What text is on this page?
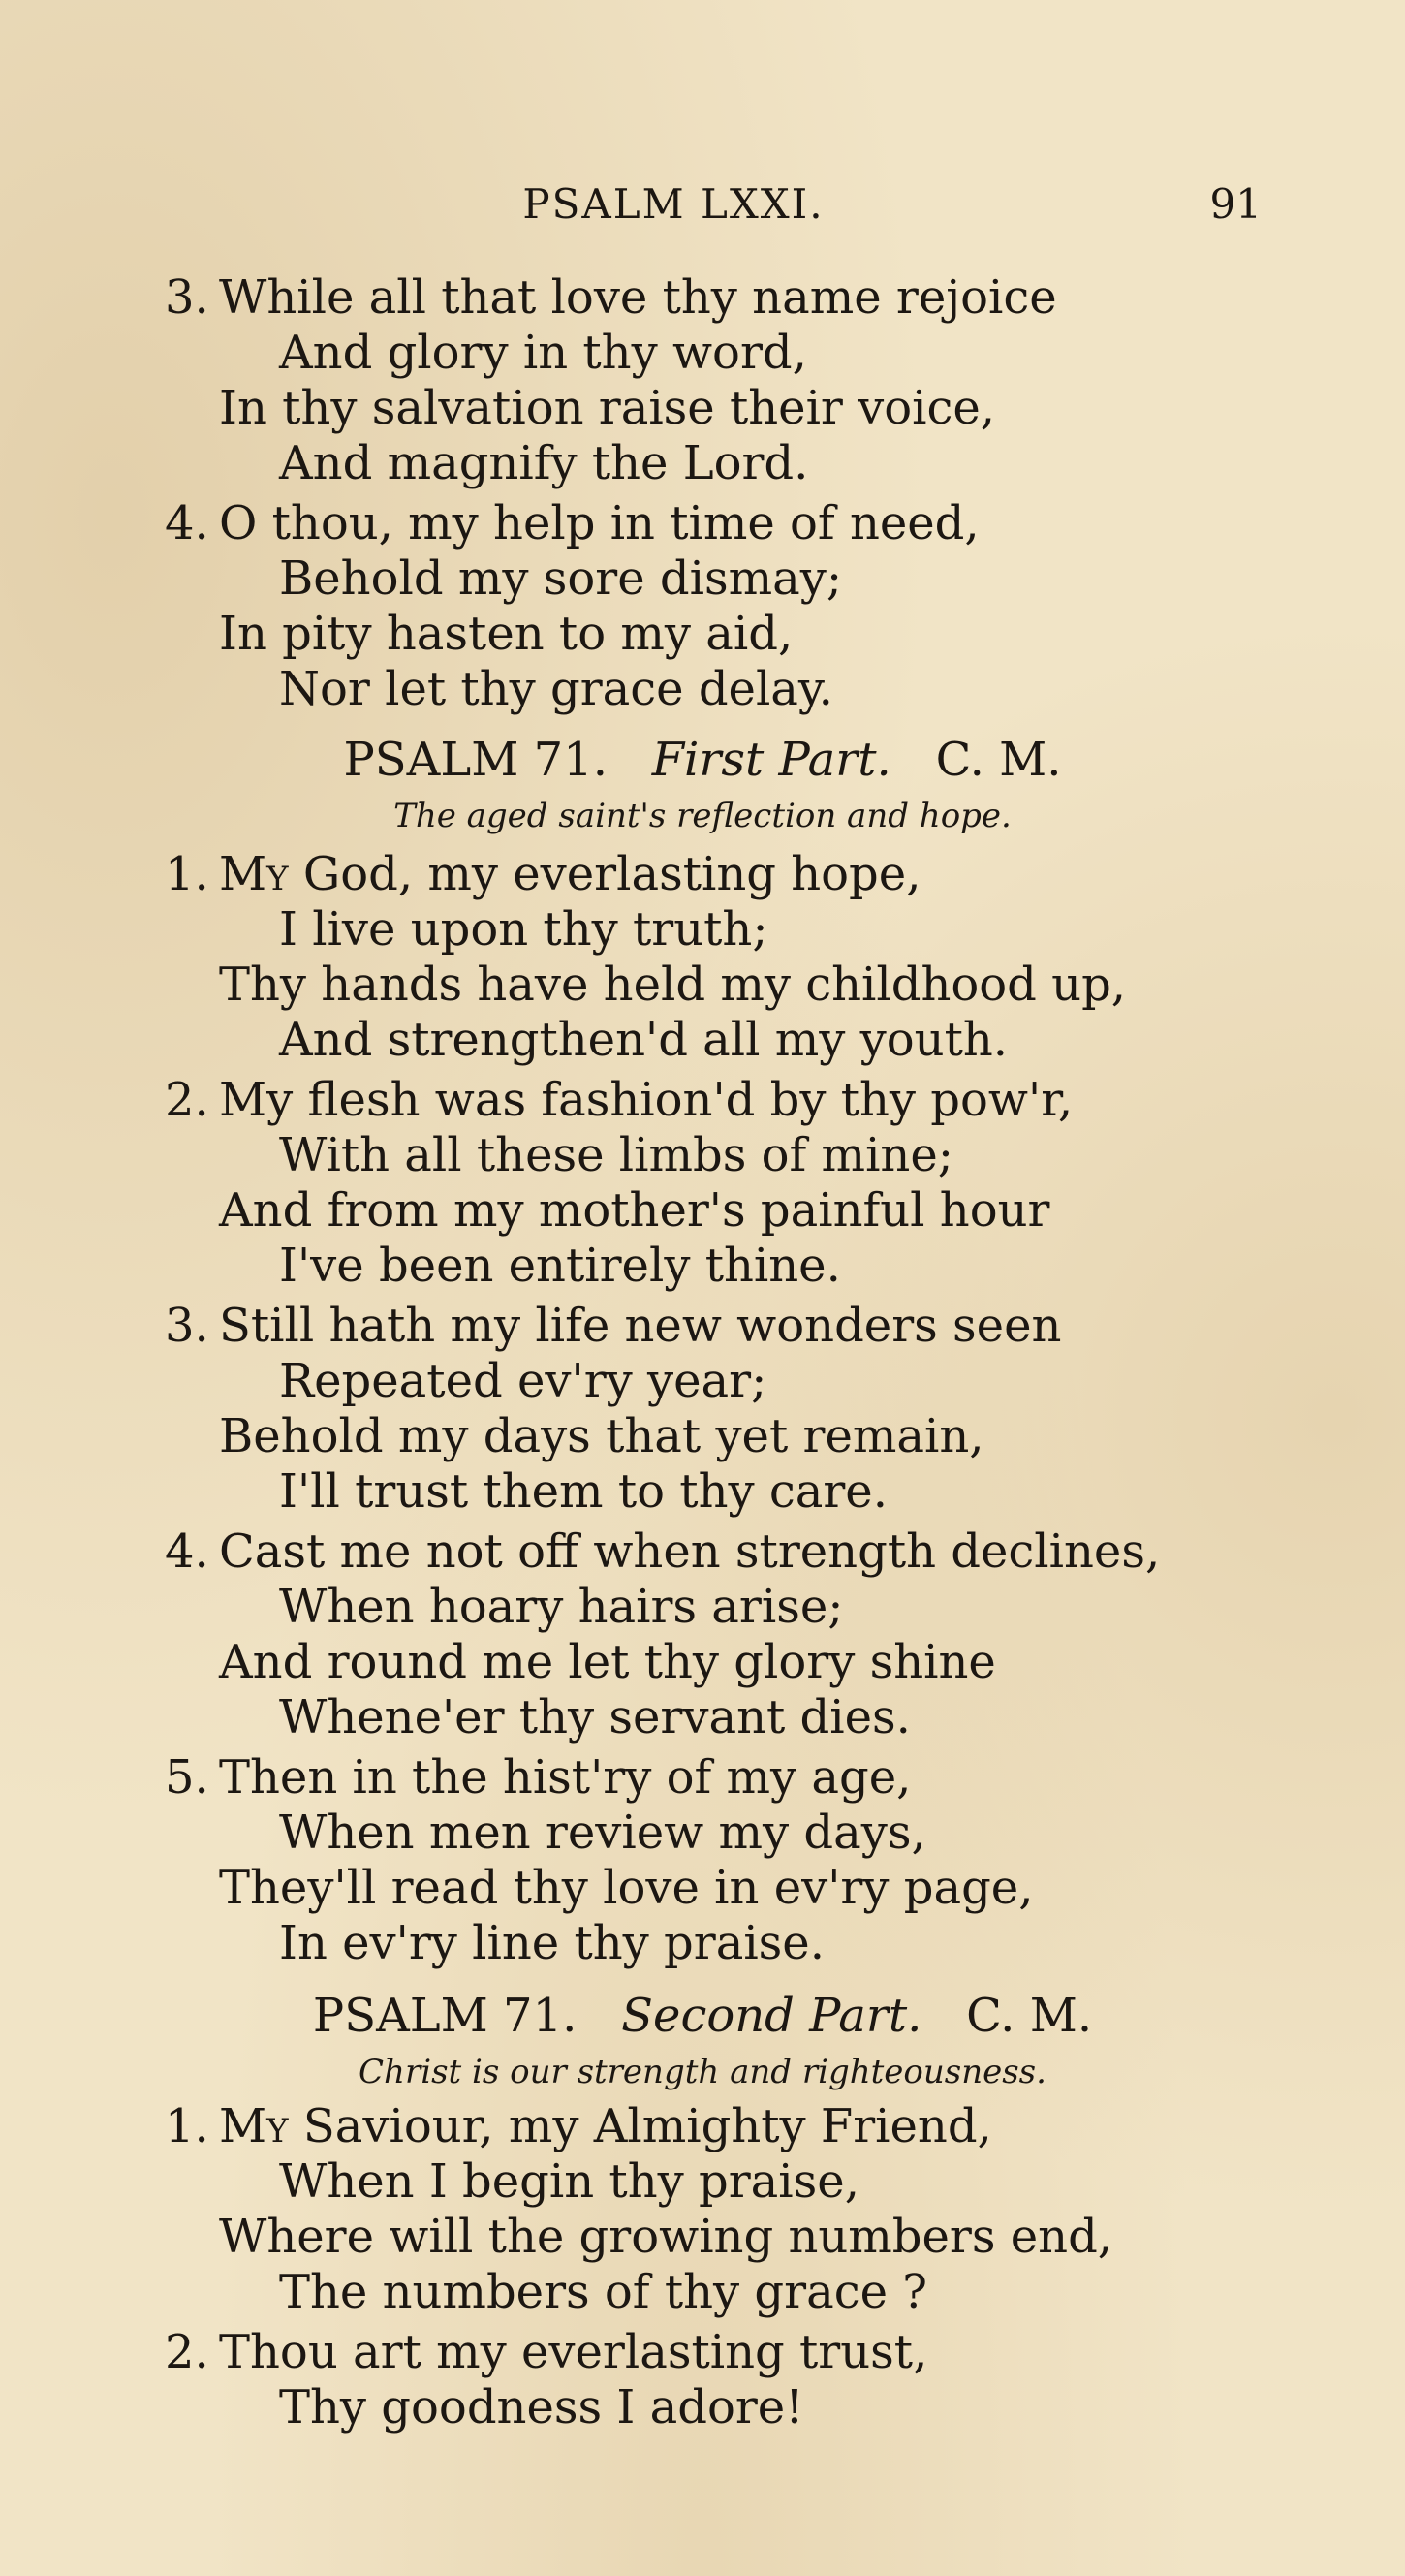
PSALM LXXI.	91
3. While all that love thy name rejoice
And glory in thy word,
In thy salvation raise their voice,
And magnify the Lord.
4. O thou, my help in time of need,
Behold my sore dismay;
In pity hasten to my aid,
Nor let thy grace delay.
PSALM 71. First Part. C. M.
The aged saint's reflection and hope.
1. My God, my everlasting hope,
I live upon thy truth;
Thy hands have held my childhood up,
And strengthen'd all my youth.
2. My flesh was fashion'd by thy pow'r,
With all these limbs of mine;
And from my mother's painful hour
I've been entirely thine.
3. Still hath my life new wonders seen
Repeated ev'ry year;
Behold my days that yet remain,
I'll trust them to thy care.
4. Cast me not off when strength declines,
When hoary hairs arise;
And round me let thy glory shine
Whene'er thy servant dies.
5. Then in the hist'ry of my age,
When men review my days,
They'll read thy love in ev'ry page,
In ev'ry line thy praise.
PSALM 71. Second Part. C. M.
Christ is our strength and righteousness.
1. My Saviour, my Almighty Friend,
When I begin thy praise,
Where will the growing numbers end,
The numbers of thy grace ?
2. Thou art my everlasting trust,
Thy goodness I adore!
